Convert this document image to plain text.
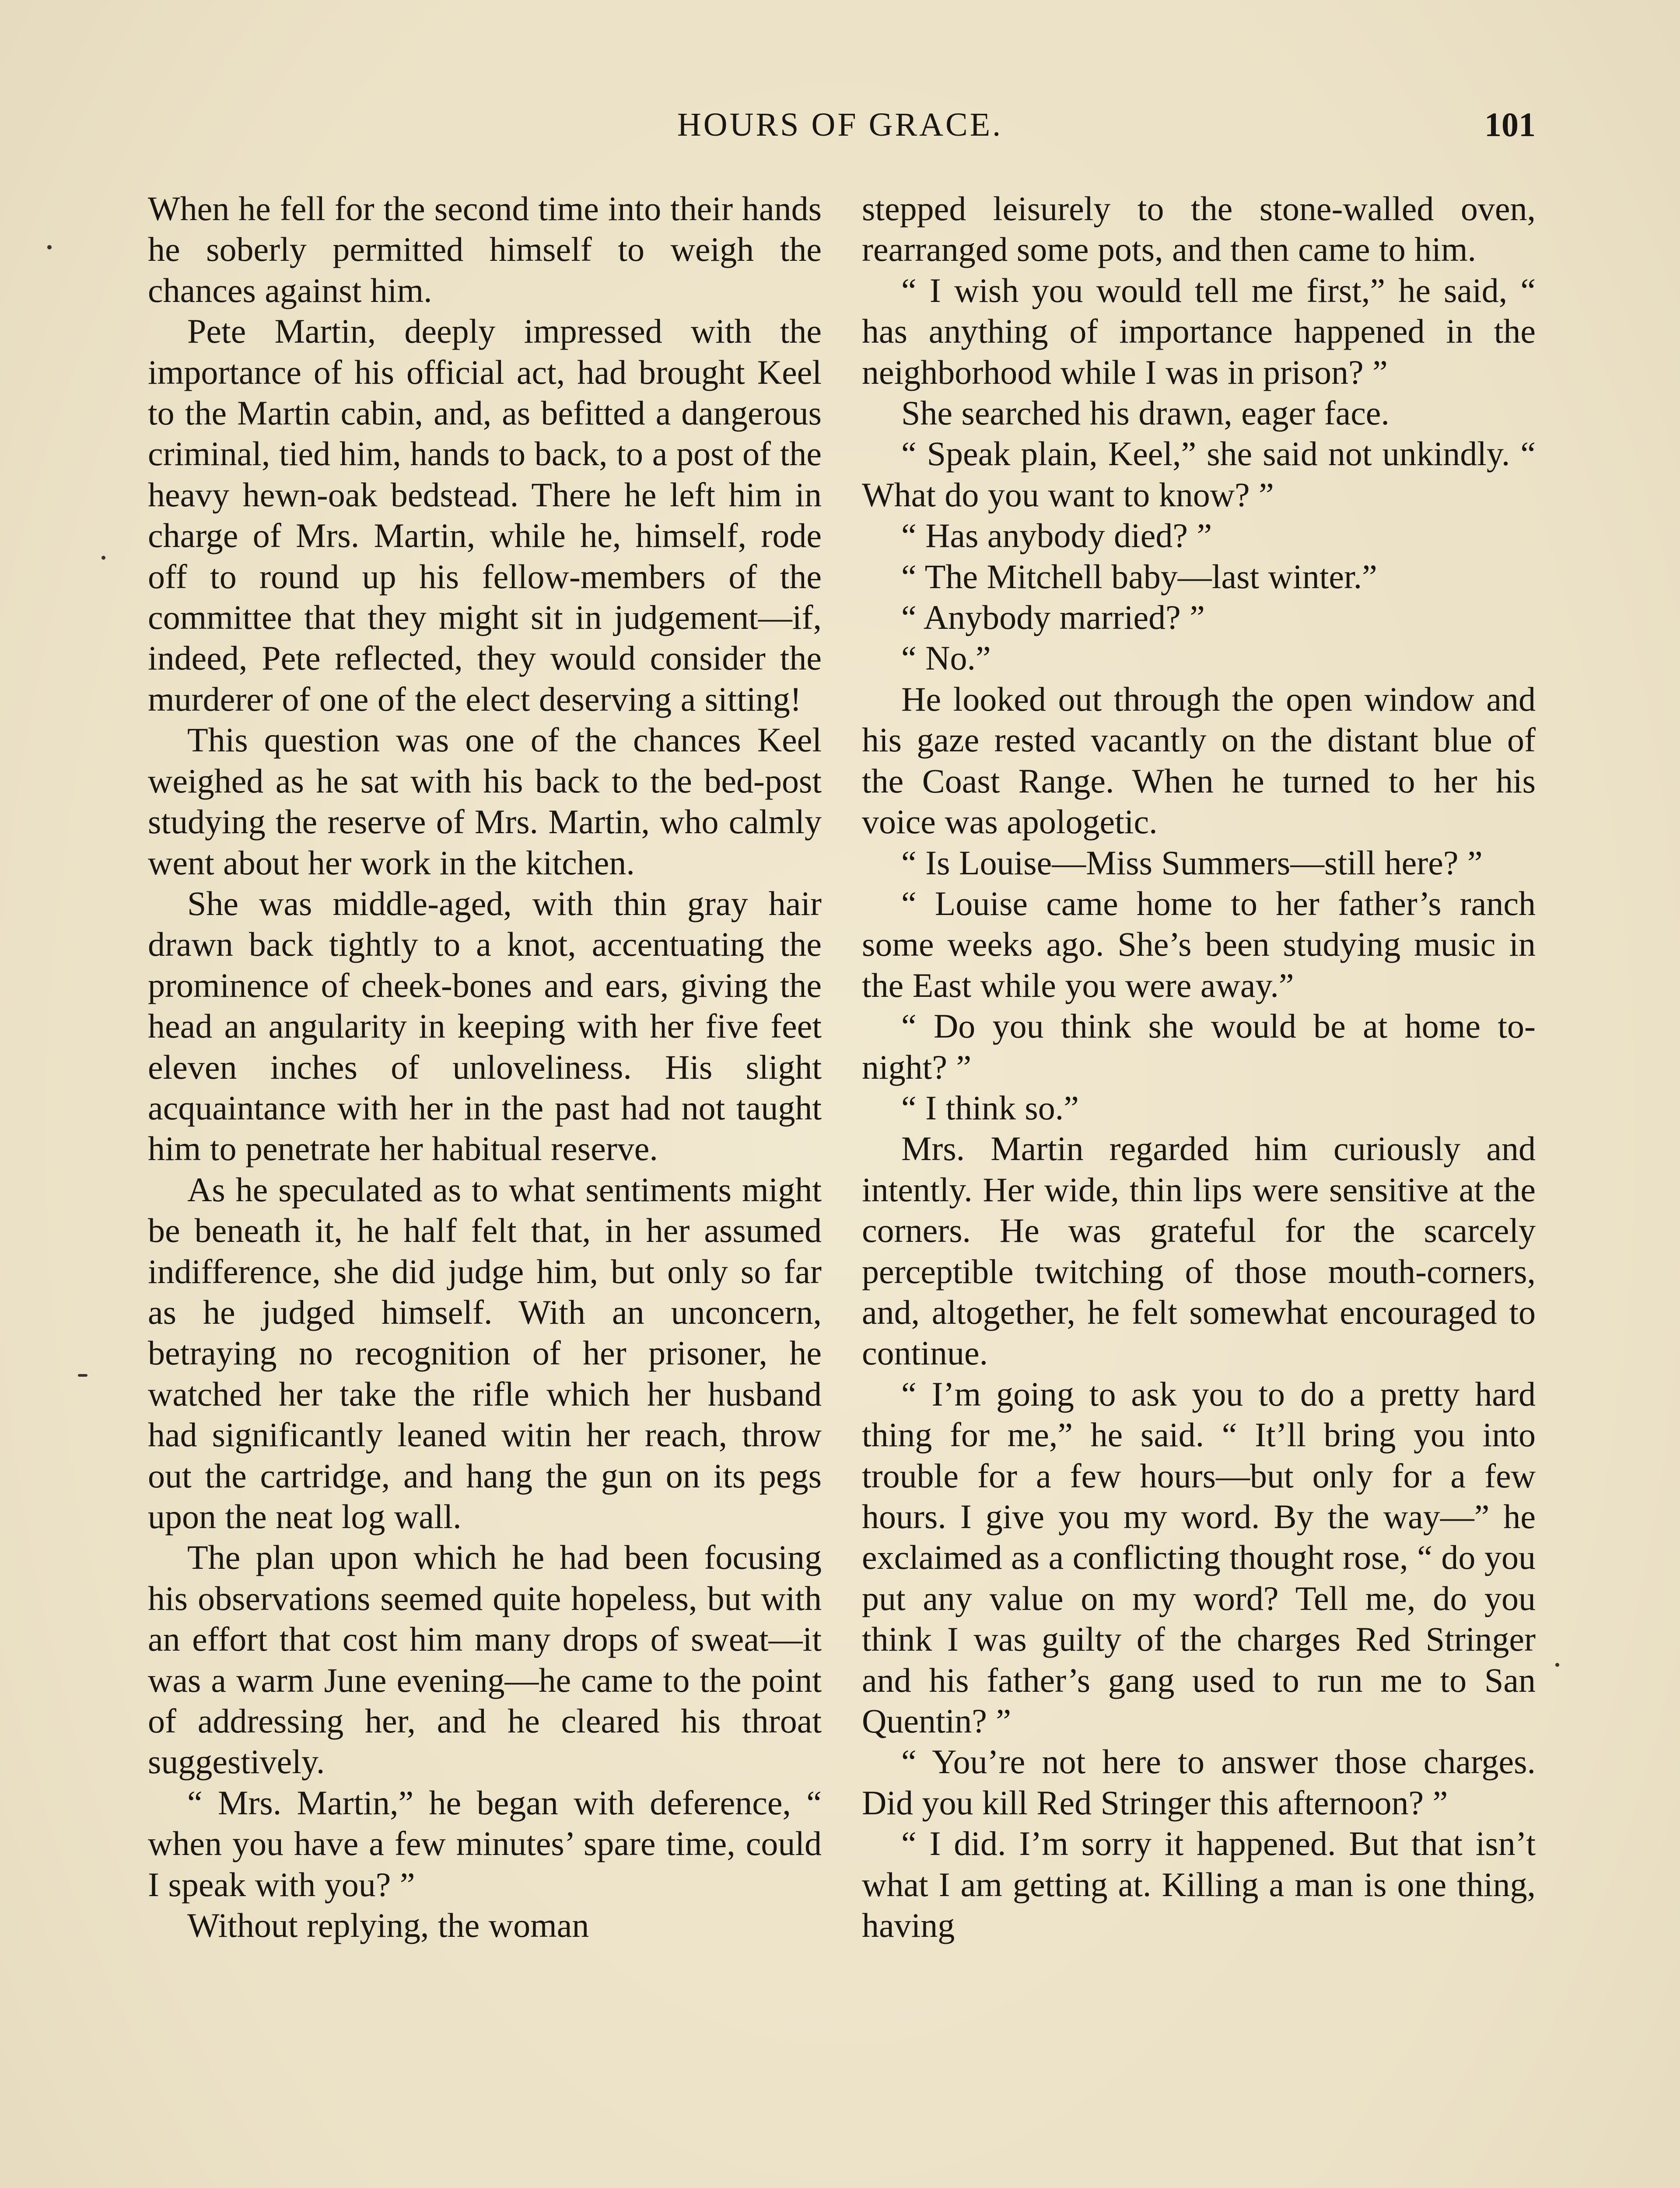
HOURS OF GRACE.	101

When he fell for the second time into their hands he soberly permitted himself to weigh the chances against him.

Pete Martin, deeply impressed with the importance of his official act, had brought Keel to the Martin cabin, and, as befitted a dangerous criminal, tied him, hands to back, to a post of the heavy hewn-oak bedstead. There he left him in charge of Mrs. Martin, while he, himself, rode off to round up his fellow-members of the committee that they might sit in judgement—if, indeed, Pete reflected, they would consider the murderer of one of the elect deserving a sitting!

This question was one of the chances Keel weighed as he sat with his back to the bed-post studying the reserve of Mrs. Martin, who calmly went about her work in the kitchen.

She was middle-aged, with thin gray hair drawn back tightly to a knot, accentuating the prominence of cheek-bones and ears, giving the head an angularity in keeping with her five feet eleven inches of unloveliness. His slight acquaintance with her in the past had not taught him to penetrate her habitual reserve.

As he speculated as to what sentiments might be beneath it, he half felt that, in her assumed indifference, she did judge him, but only so far as he judged himself. With an unconcern, betraying no recognition of her prisoner, he watched her take the rifle which her husband had significantly leaned witin her reach, throw out the cartridge, and hang the gun on its pegs upon the neat log wall.

The plan upon which he had been focusing his observations seemed quite hopeless, but with an effort that cost him many drops of sweat—it was a warm June evening—he came to the point of addressing her, and he cleared his throat suggestively.

“ Mrs. Martin,” he began with deference, “ when you have a few minutes’ spare time, could I speak with you? ”

Without replying, the woman

stepped leisurely to the stone-walled oven, rearranged some pots, and then came to him.

“ I wish you would tell me first,” he said, “ has anything of importance happened in the neighborhood while I was in prison? ”

She searched his drawn, eager face.

“ Speak plain, Keel,” she said not unkindly. “ What do you want to know? ”

“ Has anybody died? ”

“ The Mitchell baby—last winter.”

“ Anybody married? ”

“ No.”

He looked out through the open window and his gaze rested vacantly on the distant blue of the Coast Range. When he turned to her his voice was apologetic.

“ Is Louise—Miss Summers—still here? ”

“ Louise came home to her father’s ranch some weeks ago. She’s been studying music in the East while you were away.”

“ Do you think she would be at home to-night? ”

“ I think so.”

Mrs. Martin regarded him curiously and intently. Her wide, thin lips were sensitive at the corners. He was grateful for the scarcely perceptible twitching of those mouth-corners, and, altogether, he felt somewhat encouraged to continue.

“ I’m going to ask you to do a pretty hard thing for me,” he said. “ It’ll bring you into trouble for a few hours—but only for a few hours. I give you my word. By the way—” he exclaimed as a conflicting thought rose, “ do you put any value on my word? Tell me, do you think I was guilty of the charges Red Stringer and his father’s gang used to run me to San Quentin? ”

“ You’re not here to answer those charges. Did you kill Red Stringer this afternoon? ”

“ I did. I’m sorry it happened. But that isn’t what I am getting at. Killing a man is one thing, having
